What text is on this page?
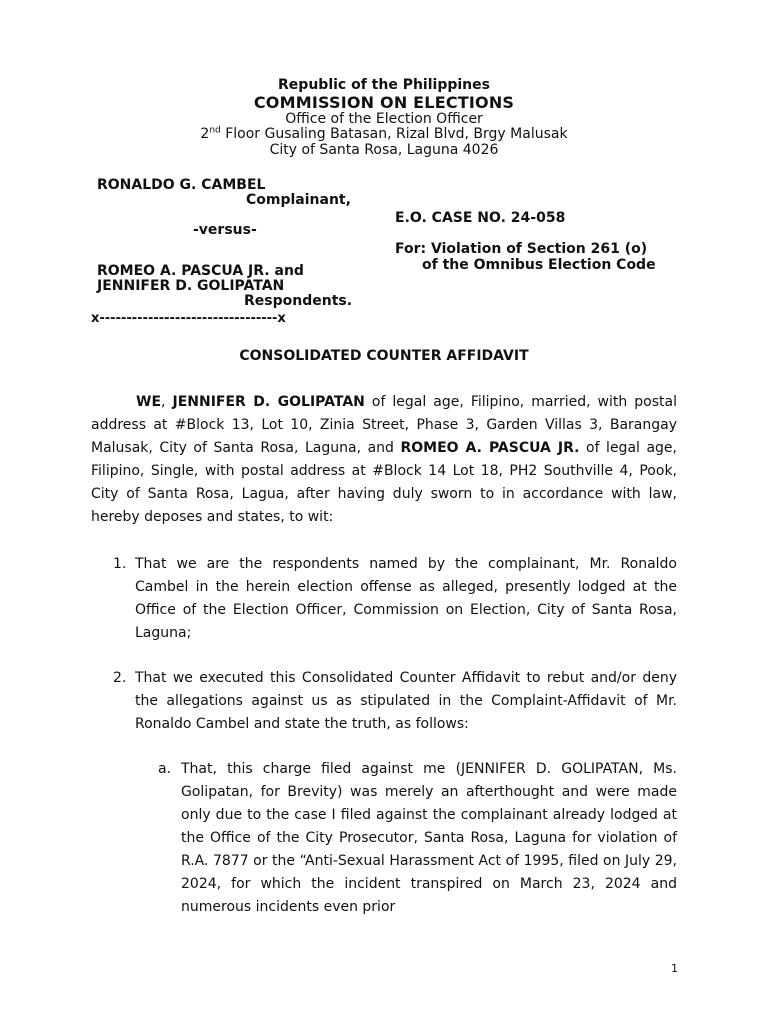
Republic of the Philippines
COMMISSION ON ELECTIONS
Office of the Election Officer
2nd Floor Gusaling Batasan, Rizal Blvd, Brgy Malusak
City of Santa Rosa, Laguna 4026
RONALDO G. CAMBEL
Complainant,
E.O. CASE NO. 24-058
-versus-
For: Violation of Section 261 (o)
of the Omnibus Election Code
ROMEO A. PASCUA JR. and
JENNIFER D. GOLIPATAN
Respondents.
x---------------------------------x
CONSOLIDATED COUNTER AFFIDAVIT

WE, JENNIFER D. GOLIPATAN of legal age, Filipino, married, with postal address at #Block 13, Lot 10, Zinia Street, Phase 3, Garden Villas 3, Barangay Malusak, City of Santa Rosa, Laguna, and ROMEO A. PASCUA JR. of legal age, Filipino, Single, with postal address at #Block 14 Lot 18, PH2 Southville 4, Pook, City of Santa Rosa, Lagua, after having duly sworn to in accordance with law, hereby deposes and states, to wit:

1. That we are the respondents named by the complainant, Mr. Ronaldo Cambel in the herein election offense as alleged, presently lodged at the Office of the Election Officer, Commission on Election, City of Santa Rosa, Laguna;
2. That we executed this Consolidated Counter Affidavit to rebut and/or deny the allegations against us as stipulated in the Complaint-Affidavit of Mr. Ronaldo Cambel and state the truth, as follows:
a. That, this charge filed against me (JENNIFER D. GOLIPATAN, Ms. Golipatan, for Brevity) was merely an afterthought and were made only due to the case I filed against the complainant already lodged at the Office of the City Prosecutor, Santa Rosa, Laguna for violation of R.A. 7877 or the “Anti-Sexual Harassment Act of 1995, filed on July 29, 2024, for which the incident transpired on March 23, 2024 and numerous incidents even prior
1
